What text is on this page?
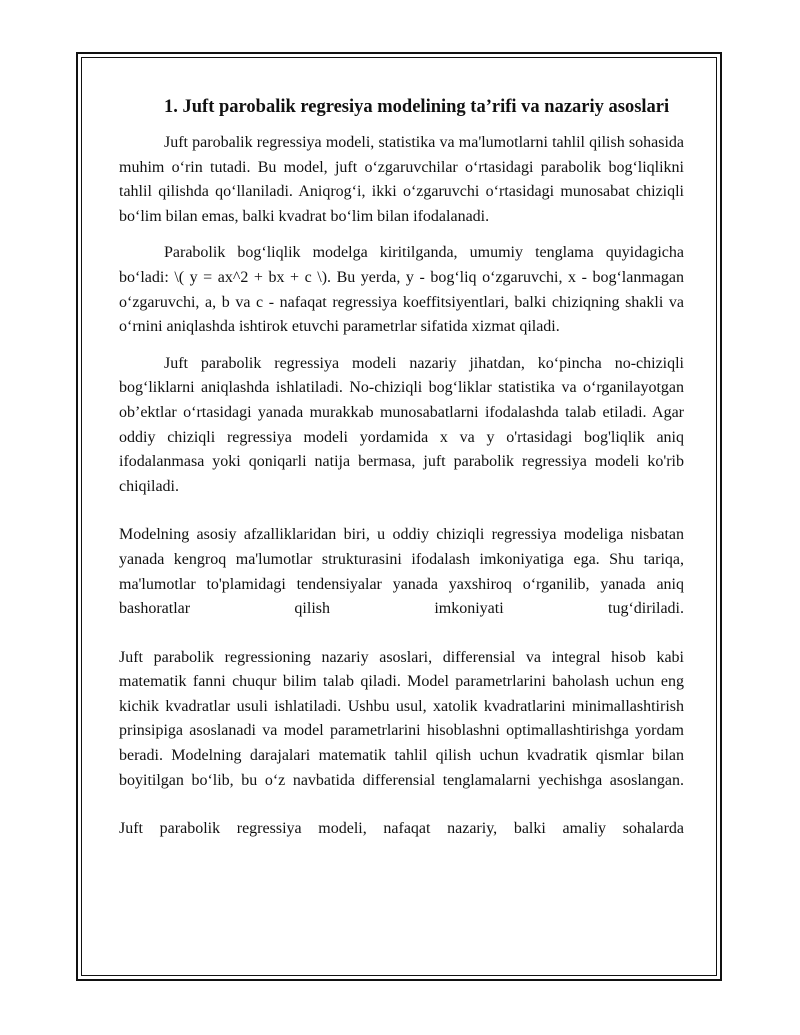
1. Juft parobalik regresiya modelining ta’rifi va nazariy asoslari

Juft parobalik regressiya modeli, statistika va ma'lumotlarni tahlil qilish sohasida muhim o‘rin tutadi. Bu model, juft o‘zgaruvchilar o‘rtasidagi parabolik bog‘liqlikni tahlil qilishda qo‘llaniladi. Aniqrog‘i, ikki o‘zgaruvchi o‘rtasidagi munosabat chiziqli bo‘lim bilan emas, balki kvadrat bo‘lim bilan ifodalanadi.

Parabolik bog‘liqlik modelga kiritilganda, umumiy tenglama quyidagicha bo‘ladi: \( y = ax^2 + bx + c \). Bu yerda, y - bog‘liq o‘zgaruvchi, x - bog‘lanmagan o‘zgaruvchi, a, b va c - nafaqat regressiya koeffitsiyentlari, balki chiziqning shakli va o‘rnini aniqlashda ishtirok etuvchi parametrlar sifatida xizmat qiladi.

Juft parabolik regressiya modeli nazariy jihatdan, ko‘pincha no-chiziqli bog‘liklarni aniqlashda ishlatiladi. No-chiziqli bog‘liklar statistika va o‘rganilayotgan ob’ektlar o‘rtasidagi yanada murakkab munosabatlarni ifodalashda talab etiladi. Agar oddiy chiziqli regressiya modeli yordamida x va y o'rtasidagi bog'liqlik aniq ifodalanmasa yoki qoniqarli natija bermasa, juft parabolik regressiya modeli ko'rib chiqiladi.

Modelning asosiy afzalliklaridan biri, u oddiy chiziqli regressiya modeliga nisbatan yanada kengroq ma'lumotlar strukturasini ifodalash imkoniyatiga ega. Shu tariqa, ma'lumotlar to'plamidagi tendensiyalar yanada yaxshiroq o‘rganilib, yanada aniq bashoratlar qilish imkoniyati tug‘diriladi.

Juft parabolik regressioning nazariy asoslari, differensial va integral hisob kabi matematik fanni chuqur bilim talab qiladi. Model parametrlarini baholash uchun eng kichik kvadratlar usuli ishlatiladi. Ushbu usul, xatolik kvadratlarini minimallashtirish prinsipiga asoslanadi va model parametrlarini hisoblashni optimallashtirishga yordam beradi. Modelning darajalari matematik tahlil qilish uchun kvadratik qismlar bilan boyitilgan bo‘lib, bu o‘z navbatida differensial tenglamalarni yechishga asoslangan.

Juft parabolik regressiya modeli, nafaqat nazariy, balki amaliy sohalarda
